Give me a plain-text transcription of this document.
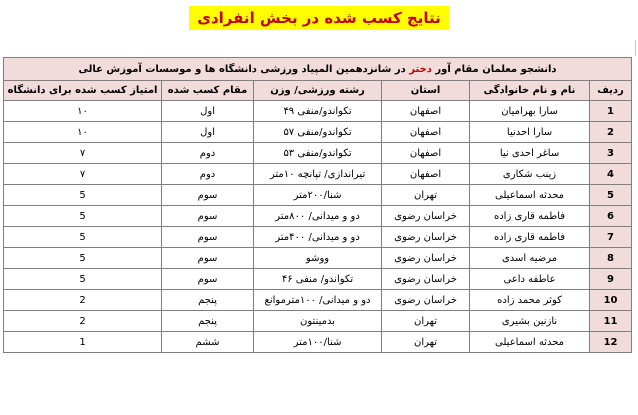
نتایج کسب شده در بخش انفرادی
دانشجو معلمان مقام آور دختر در شانزدهمین المپیاد ورزشی دانشگاه ها و موسسات آموزش عالی					
ردیف	نام و نام خانوادگی	استان	رشته ورزشی/ وزن	مقام کسب شده	امتیاز کسب شده برای دانشگاه
1	سارا بهرامیان	اصفهان	تکواندو/منفی ۴۹	اول	۱۰
2	سارا احدنیا	اصفهان	تکواندو/منفی ۵۷	اول	۱۰
3	ساغر احدی نیا	اصفهان	تکواندو/منفی ۵۳	دوم	۷
4	زینب شکاری	اصفهان	تیراندازی/ تپانچه ۱۰متر	دوم	۷
5	محدثه اسماعیلی	تهران	شنا/۲۰۰متر	سوم	5
6	فاطمه قاری زاده	خراسان رضوی	دو و میدانی/ ۸۰۰متر	سوم	5
7	فاطمه قاری زاده	خراسان رضوی	دو و میدانی/ ۴۰۰متر	سوم	5
8	مرضیه اسدی	خراسان رضوی	ووشو	سوم	5
9	عاطفه داعی	خراسان رضوی	تکواندو/ منفی ۴۶	سوم	5
10	کوثر محمد زاده	خراسان رضوی	دو و میدانی/ ۱۰۰مترموانع	پنجم	2
11	نازنین بشیری	تهران	بدمینتون	پنجم	2
12	محدثه اسماعیلی	تهران	شنا/۱۰۰متر	ششم	1
